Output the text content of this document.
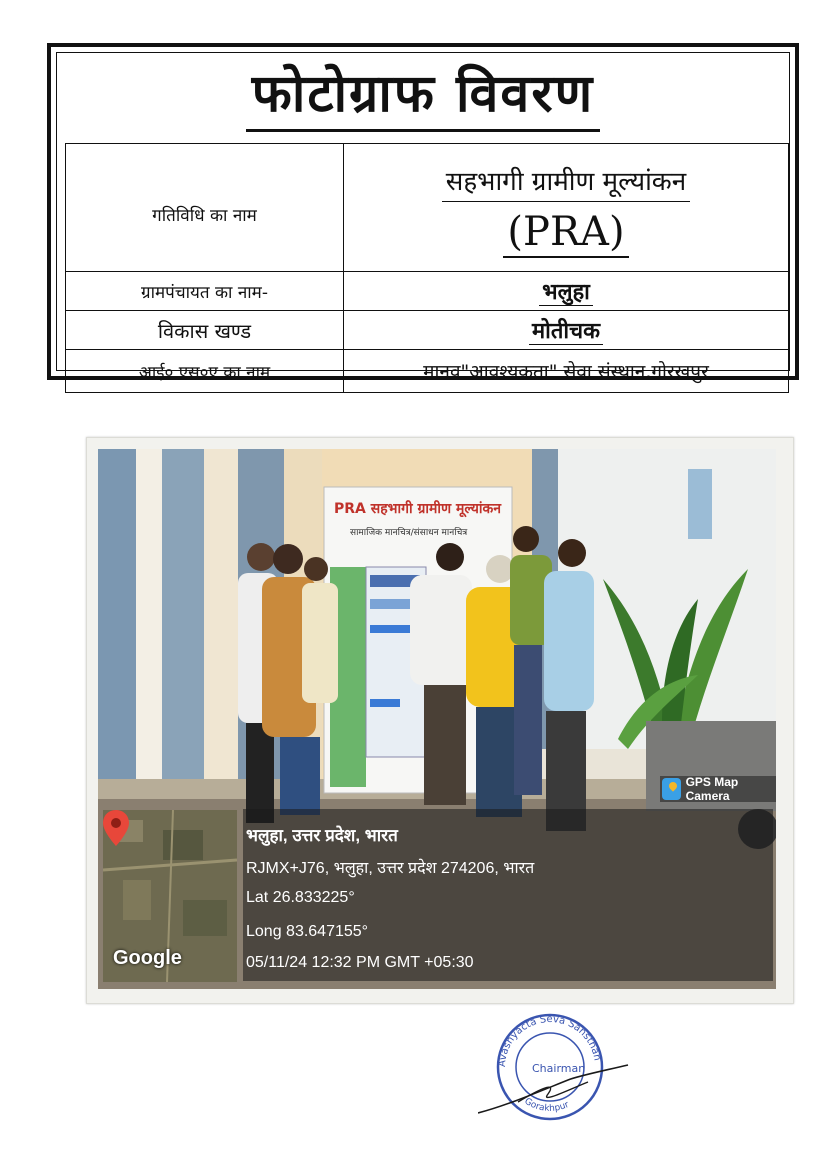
फोटोग्राफ विवरण
गतिविधि का नाम	सहभागी ग्रामीण मूल्यांकन
(PRA)
ग्रामपंचायत का नाम-	भलुहा
विकास खण्ड	मोतीचक
आई० एस०ए का नाम	मानव"आवश्यकता" सेवा संस्थान,गोरखपुर
PRA सहभागी ग्रामीण मूल्यांकन
सामाजिक मानचित्र/संसाधन मानचित्र
GPS Map Camera
Google
भलुहा, उत्तर प्रदेश, भारत
RJMX+J76, भलुहा, उत्तर प्रदेश 274206, भारत
Lat 26.833225°
Long 83.647155°
05/11/24 12:32 PM GMT +05:30
Avashyacta Seva Sansthan
Gorakhpur
Chairman
